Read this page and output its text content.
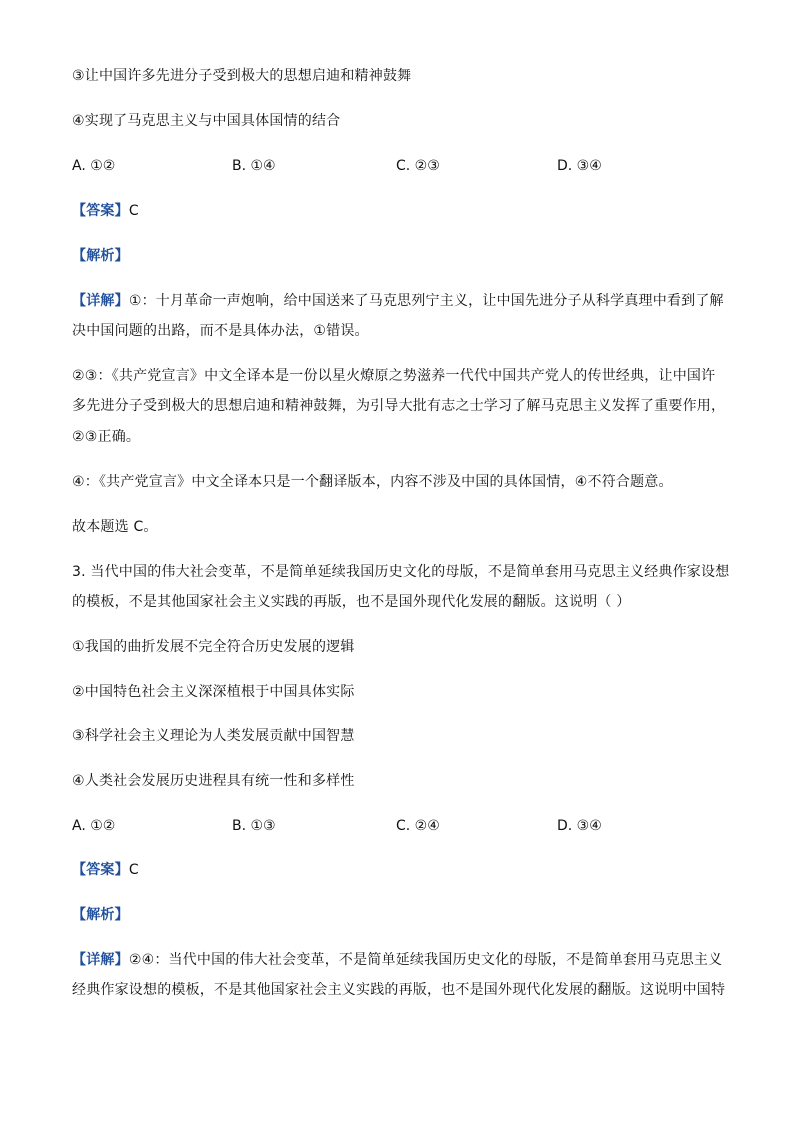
③让中国许多先进分子受到极大的思想启迪和精神鼓舞
④实现了马克思主义与中国具体国情的结合
A. ①②	B. ①④	C. ②③	D. ③④
【答案】C
【解析】
【详解】①：十月革命一声炮响，给中国送来了马克思列宁主义，让中国先进分子从科学真理中看到了解
决中国问题的出路，而不是具体办法，①错误。
②③：《共产党宣言》中文全译本是一份以星火燎原之势滋养一代代中国共产党人的传世经典，让中国许
多先进分子受到极大的思想启迪和精神鼓舞，为引导大批有志之士学习了解马克思主义发挥了重要作用，
②③正确。
④：《共产党宣言》中文全译本只是一个翻译版本，内容不涉及中国的具体国情，④不符合题意。
故本题选 C。
3. 当代中国的伟大社会变革，不是简单延续我国历史文化的母版，不是简单套用马克思主义经典作家设想
的模板，不是其他国家社会主义实践的再版，也不是国外现代化发展的翻版。这说明（ ）
①我国的曲折发展不完全符合历史发展的逻辑
②中国特色社会主义深深植根于中国具体实际
③科学社会主义理论为人类发展贡献中国智慧
④人类社会发展历史进程具有统一性和多样性
A. ①②	B. ①③	C. ②④	D. ③④
【答案】C
【解析】
【详解】②④：当代中国的伟大社会变革，不是简单延续我国历史文化的母版，不是简单套用马克思主义
经典作家设想的模板，不是其他国家社会主义实践的再版，也不是国外现代化发展的翻版。这说明中国特
